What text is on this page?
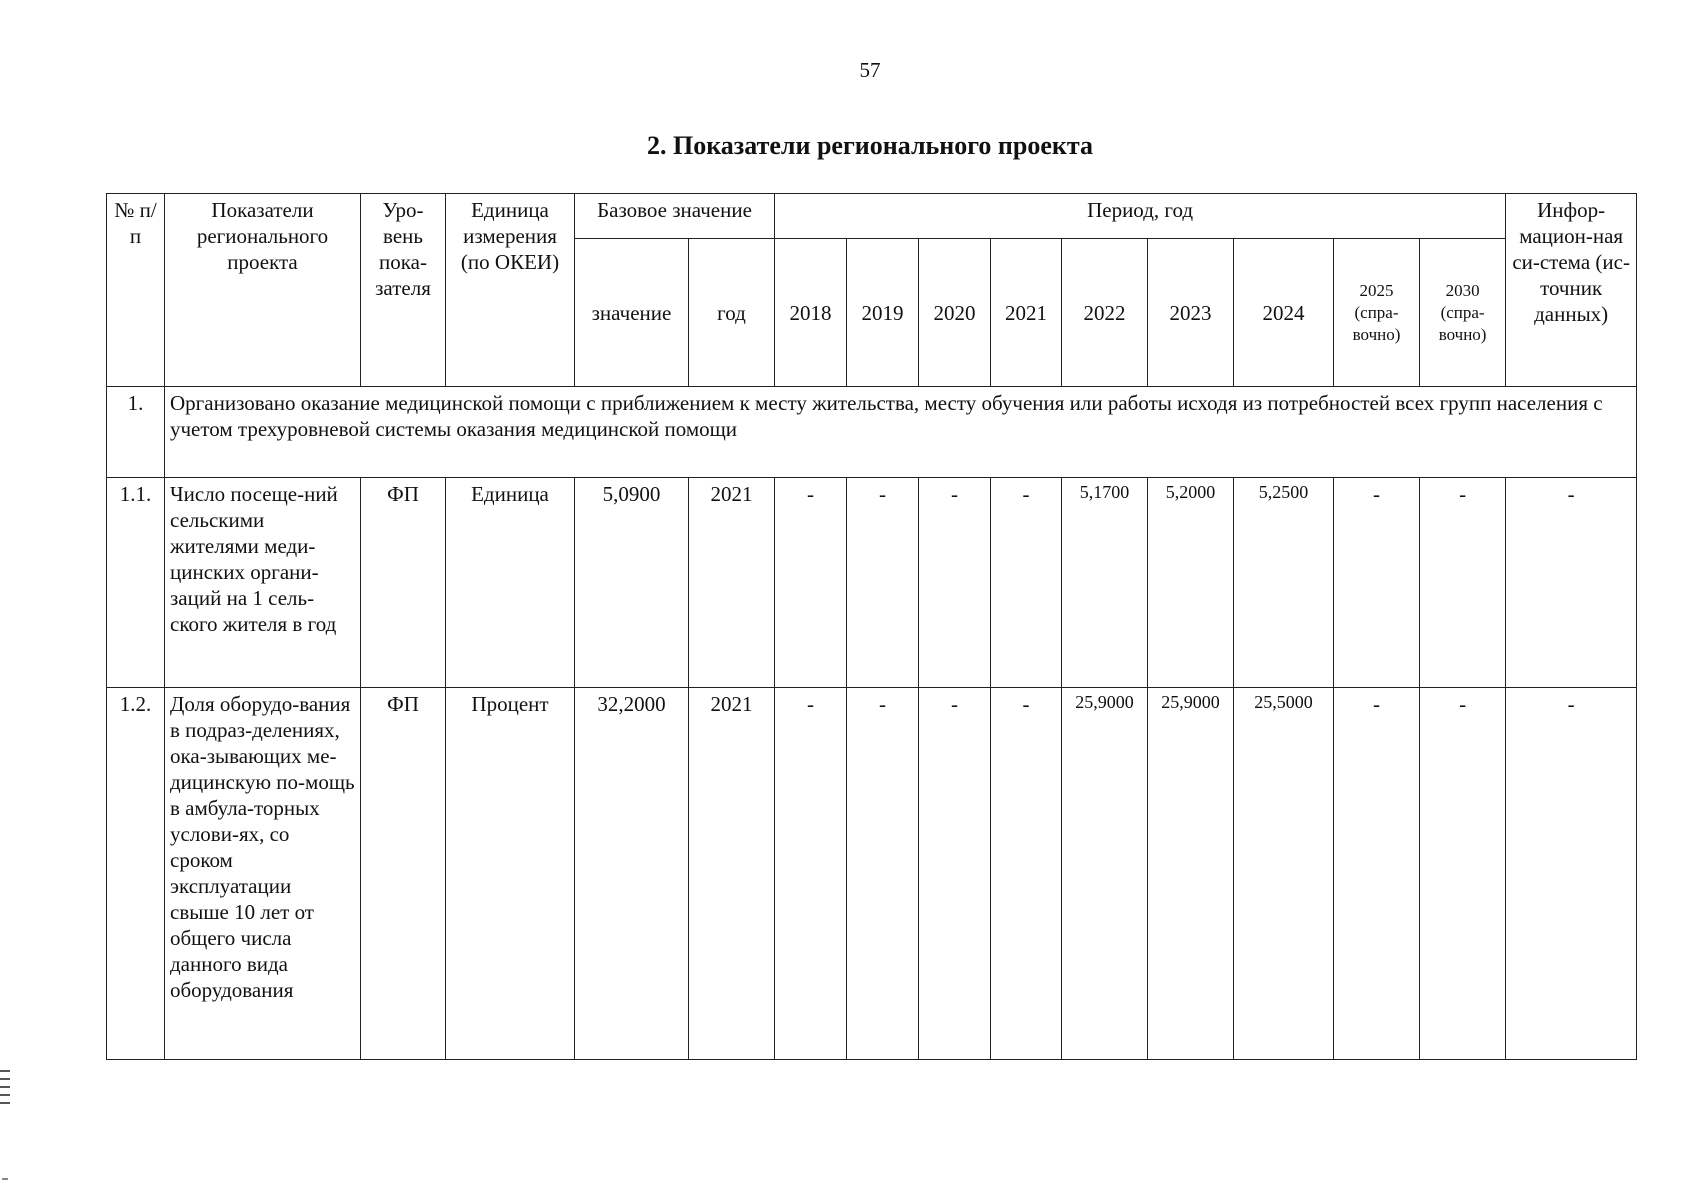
57
2. Показатели регионального проекта
№ п/п	Показатели регионального проекта	Уро-вень пока-зателя	Единица измерения (по ОКЕИ)	Базовое значение		Период, год									Инфор-мацион-ная си-стема (ис-точник данных)
				значение	год	2018	2019	2020	2021	2022	2023	2024	2025 (спра-вочно)	2030 (спра-вочно)	
1.	Организовано оказание медицинской помощи с приближением к месту жительства, месту обучения или работы исходя из потребностей всех групп населения с учетом трехуровневой системы оказания медицинской помощи														
1.1.	Число посеще-ний сельскими жителями меди-цинских органи-заций на 1 сель-ского жителя в год	ФП	Единица	5,0900	2021	-	-	-	-	5,1700	5,2000	5,2500	-	-	-
1.2.	Доля оборудо-вания в подраз-делениях, ока-зывающих ме-дицинскую по-мощь в амбула-торных услови-ях, со сроком эксплуатации свыше 10 лет от общего числа данного вида оборудования	ФП	Процент	32,2000	2021	-	-	-	-	25,9000	25,9000	25,5000	-	-	-
